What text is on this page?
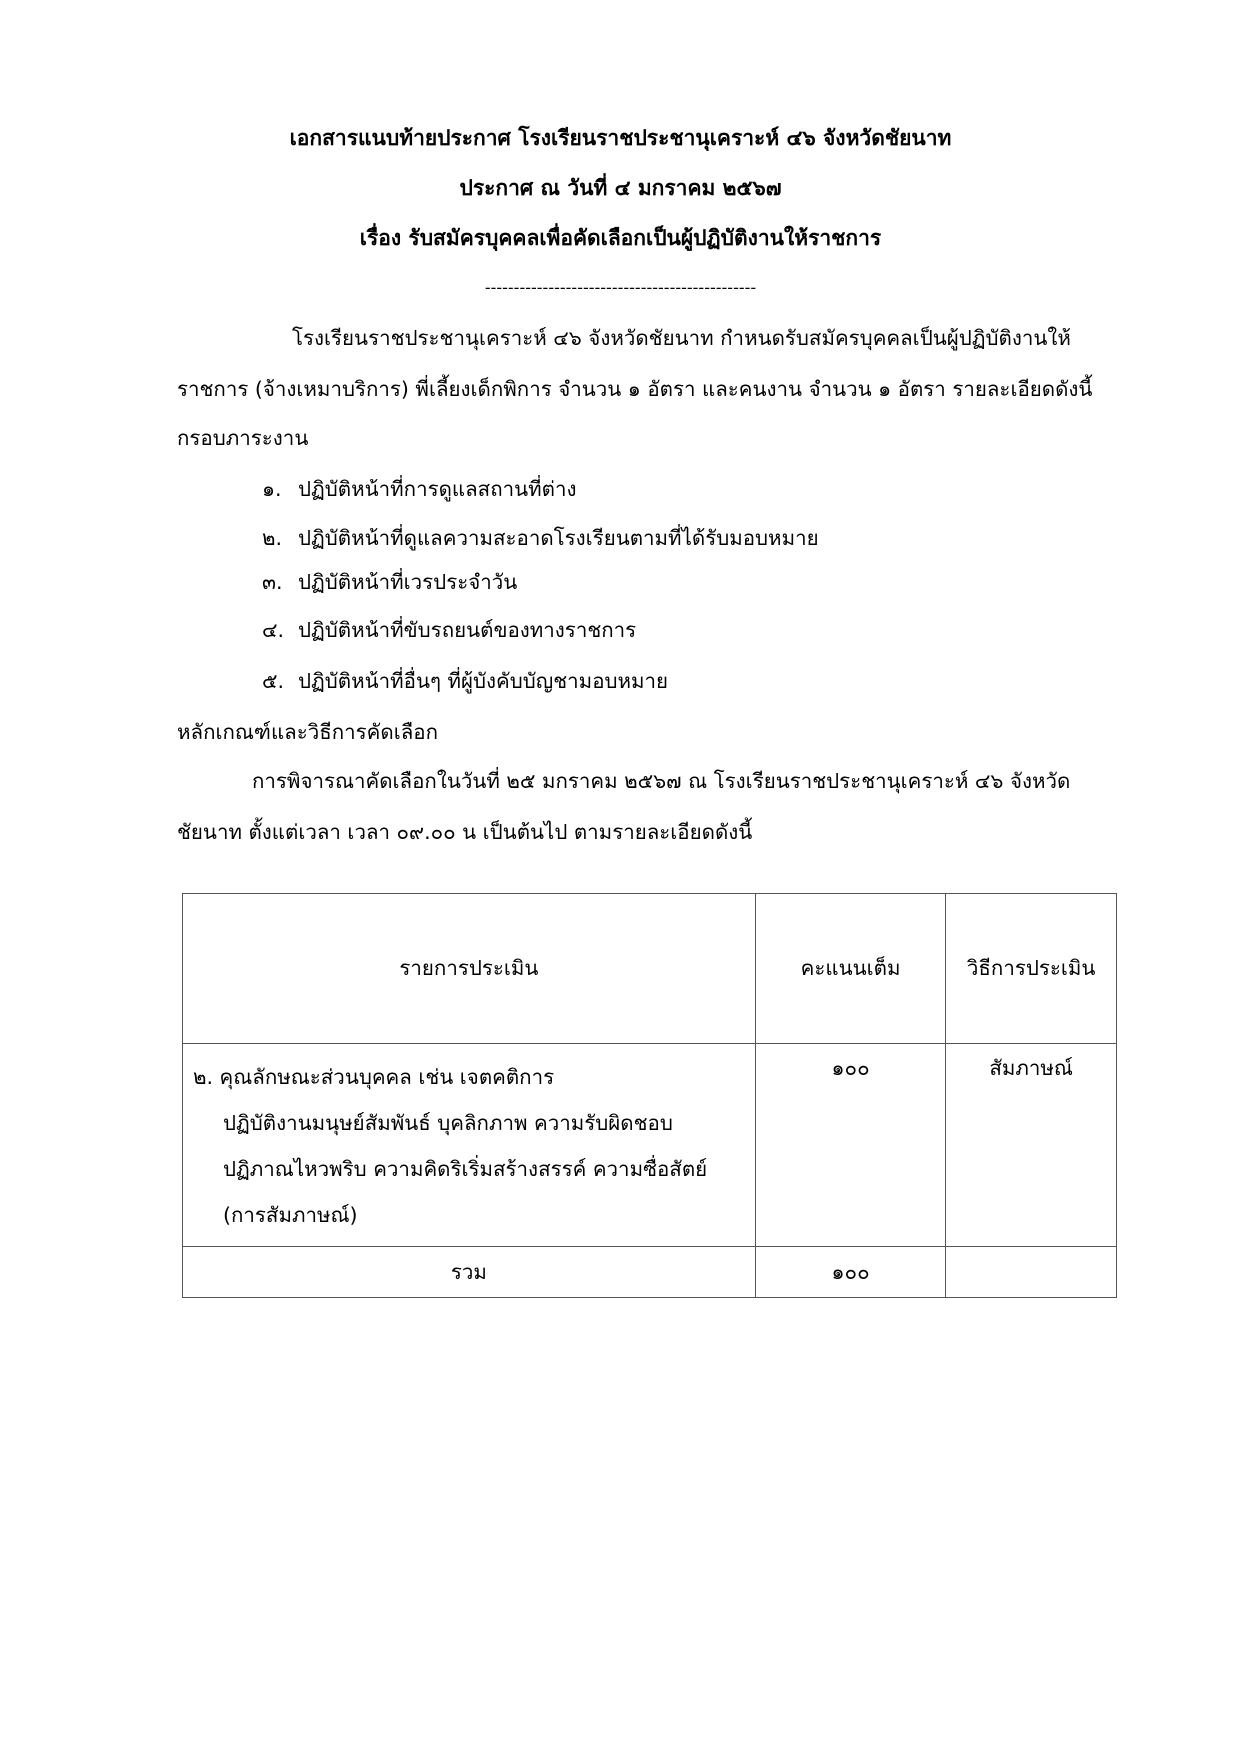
เอกสารแนบท้ายประกาศ โรงเรียนราชประชานุเคราะห์ ๔๖ จังหวัดชัยนาท
ประกาศ ณ วันที่ ๔ มกราคม ๒๕๖๗
เรื่อง รับสมัครบุคคลเพื่อคัดเลือกเป็นผู้ปฏิบัติงานให้ราชการ
-----------------------------------------------
โรงเรียนราชประชานุเคราะห์ ๔๖ จังหวัดชัยนาท กำหนดรับสมัครบุคคลเป็นผู้ปฏิบัติงานให้
ราชการ (จ้างเหมาบริการ) พี่เลี้ยงเด็กพิการ จำนวน ๑ อัตรา และคนงาน จำนวน ๑ อัตรา รายละเอียดดังนี้
กรอบภาระงาน
๑. ปฏิบัติหน้าที่การดูแลสถานที่ต่าง
๒. ปฏิบัติหน้าที่ดูแลความสะอาดโรงเรียนตามที่ได้รับมอบหมาย
๓. ปฏิบัติหน้าที่เวรประจำวัน
๔. ปฏิบัติหน้าที่ขับรถยนต์ของทางราชการ
๕. ปฏิบัติหน้าที่อื่นๆ ที่ผู้บังคับบัญชามอบหมาย
หลักเกณฑ์และวิธีการคัดเลือก
การพิจารณาคัดเลือกในวันที่ ๒๕ มกราคม ๒๕๖๗ ณ โรงเรียนราชประชานุเคราะห์ ๔๖ จังหวัด
ชัยนาท ตั้งแต่เวลา เวลา ๐๙.๐๐ น เป็นต้นไป ตามรายละเอียดดังนี้
รายการประเมิน	คะแนนเต็ม	วิธีการประเมิน

๒. คุณลักษณะส่วนบุคคล เช่น เจตคติการ
ปฏิบัติงานมนุษย์สัมพันธ์ บุคลิกภาพ ความรับผิดชอบ
ปฏิภาณไหวพริบ ความคิดริเริ่มสร้างสรรค์ ความซื่อสัตย์
(การสัมภาษณ์)	๑๐๐	สัมภาษณ์
รวม	๑๐๐	
